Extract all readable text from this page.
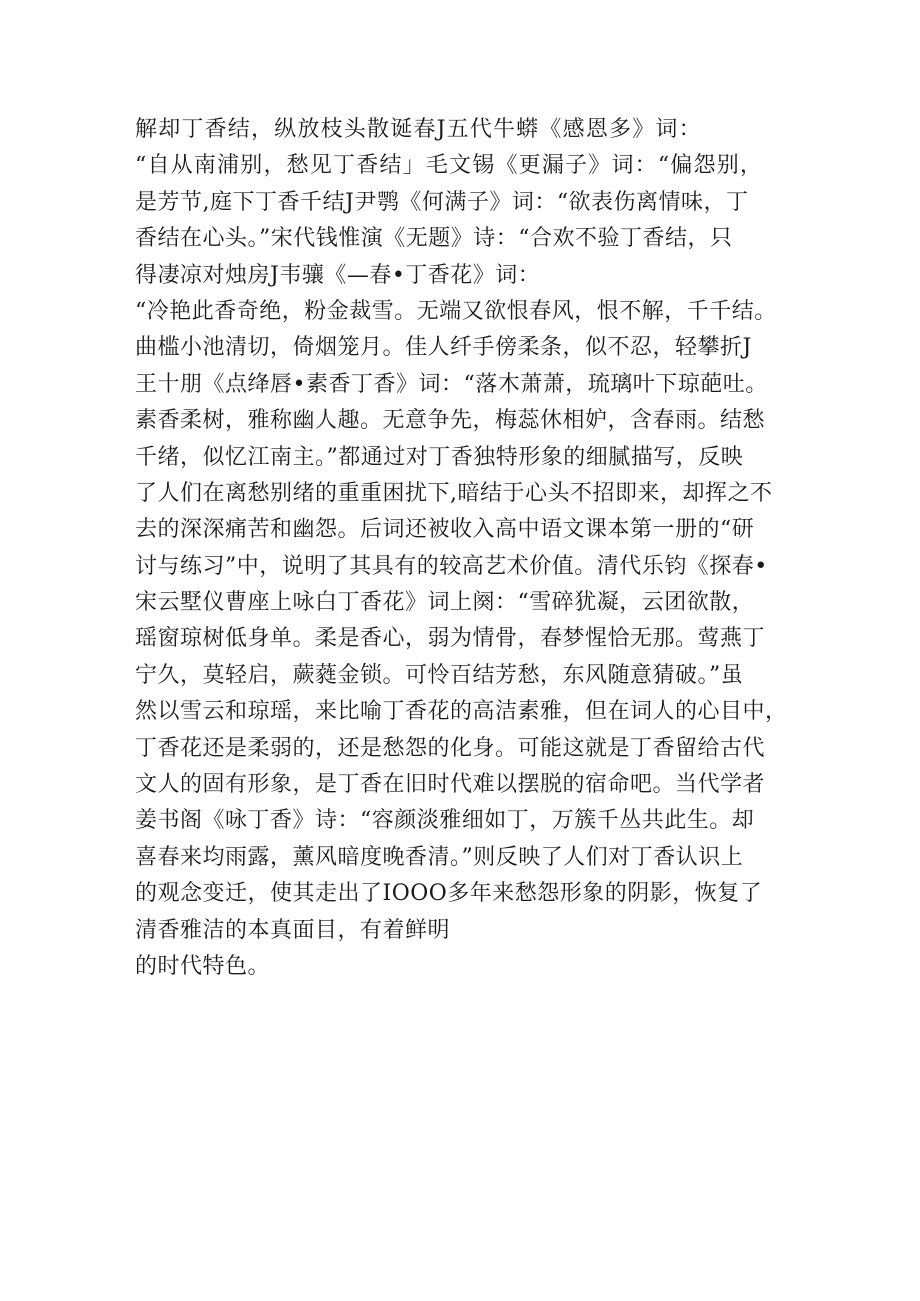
解却丁香结，纵放枝头散诞春J五代牛蟒《感恩多》词：
“自从南浦别，愁见丁香结」毛文锡《更漏子》词：“偏怨别，
是芳节,庭下丁香千结J尹鹗《何满子》词：“欲表伤离情味，丁
香结在心头。”宋代钱惟演《无题》诗：“合欢不验丁香结，只
得凄凉对烛房J韦骧《—春•丁香花》词：
“冷艳此香奇绝，粉金裁雪。无端又欲恨春风，恨不解，千千结。
曲槛小池清切，倚烟笼月。佳人纤手傍柔条，似不忍，轻攀折J
王十朋《点绛唇•素香丁香》词：“落木萧萧，琉璃叶下琼葩吐。
素香柔树，雅称幽人趣。无意争先，梅蕊休相妒，含春雨。结愁
千绪，似忆江南主。”都通过对丁香独特形象的细腻描写，反映
了人们在离愁别绪的重重困扰下,暗结于心头不招即来，却挥之不
去的深深痛苦和幽怨。后词还被收入高中语文课本第一册的“研
讨与练习”中，说明了其具有的较高艺术价值。清代乐钧《探春•
宋云墅仪曹座上咏白丁香花》词上阕：“雪碎犹凝，云团欲散，
瑶窗琼树低身单。柔是香心，弱为情骨，春梦惺恰无那。莺燕丁
宁久，莫轻启，蕨蕤金锁。可怜百结芳愁，东风随意猜破。”虽
然以雪云和琼瑶，来比喻丁香花的高洁素雅，但在词人的心目中，
丁香花还是柔弱的，还是愁怨的化身。可能这就是丁香留给古代
文人的固有形象，是丁香在旧时代难以摆脱的宿命吧。当代学者
姜书阁《咏丁香》诗：“容颜淡雅细如丁，万簇千丛共此生。却
喜春来均雨露，薰风暗度晚香清。”则反映了人们对丁香认识上
的观念变迁，使其走出了IOOO多年来愁怨形象的阴影，恢复了
清香雅洁的本真面目，有着鲜明
的时代特色。
